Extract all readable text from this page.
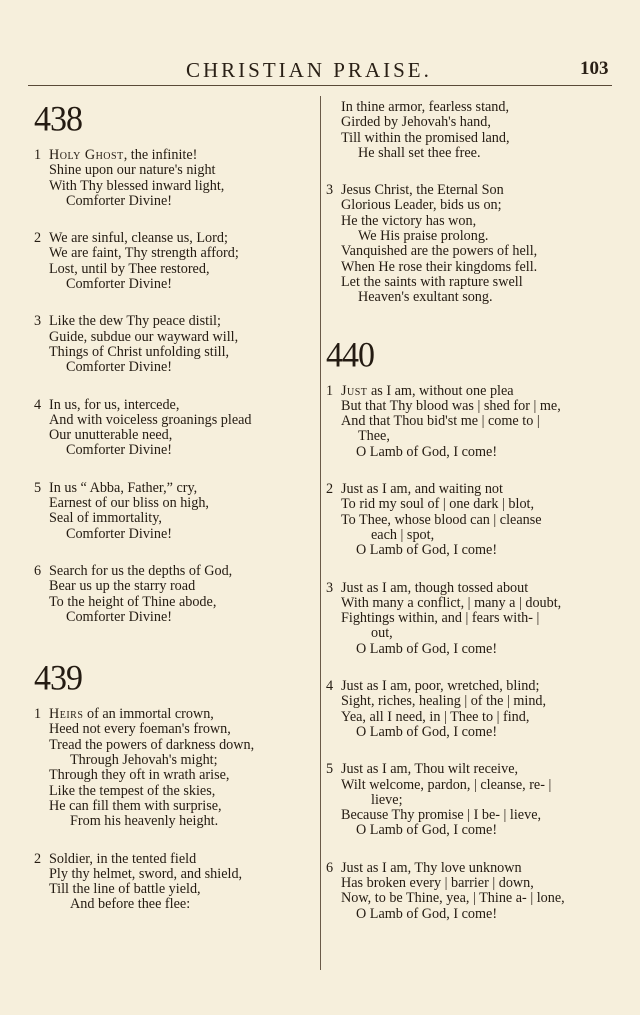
CHRISTIAN PRAISE.	103
438
1 Holy Ghost, the infinite!
Shine upon our nature's night
With Thy blessed inward light,
Comforter Divine!
2 We are sinful, cleanse us, Lord;
We are faint, Thy strength afford;
Lost, until by Thee restored,
Comforter Divine!
3 Like the dew Thy peace distil;
Guide, subdue our wayward will,
Things of Christ unfolding still,
Comforter Divine!
4 In us, for us, intercede,
And with voiceless groanings plead
Our unutterable need,
Comforter Divine!
5 In us “ Abba, Father,” cry,
Earnest of our bliss on high,
Seal of immortality,
Comforter Divine!
6 Search for us the depths of God,
Bear us up the starry road
To the height of Thine abode,
Comforter Divine!
439
1 Heirs of an immortal crown,
Heed not every foeman's frown,
Tread the powers of darkness down,
Through Jehovah's might;
Through they oft in wrath arise,
Like the tempest of the skies,
He can fill them with surprise,
From his heavenly height.
2 Soldier, in the tented field
Ply thy helmet, sword, and shield,
Till the line of battle yield,
And before thee flee:
In thine armor, fearless stand,
Girded by Jehovah's hand,
Till within the promised land,
He shall set thee free.
3 Jesus Christ, the Eternal Son
Glorious Leader, bids us on;
He the victory has won,
We His praise prolong.
Vanquished are the powers of hell,
When He rose their kingdoms fell.
Let the saints with rapture swell
Heaven's exultant song.
440
1 Just as I am, without one plea
But that Thy blood was | shed for | me,
And that Thou bid'st me | come to |
Thee,
O Lamb of God, I come!
2 Just as I am, and waiting not
To rid my soul of | one dark | blot,
To Thee, whose blood can | cleanse
each | spot,
O Lamb of God, I come!
3 Just as I am, though tossed about
With many a conflict, | many a | doubt,
Fightings within, and | fears with- |
out,
O Lamb of God, I come!
4 Just as I am, poor, wretched, blind;
Sight, riches, healing | of the | mind,
Yea, all I need, in | Thee to | find,
O Lamb of God, I come!
5 Just as I am, Thou wilt receive,
Wilt welcome, pardon, | cleanse, re- |
lieve;
Because Thy promise | I be- | lieve,
O Lamb of God, I come!
6 Just as I am, Thy love unknown
Has broken every | barrier | down,
Now, to be Thine, yea, | Thine a- | lone,
O Lamb of God, I come!
